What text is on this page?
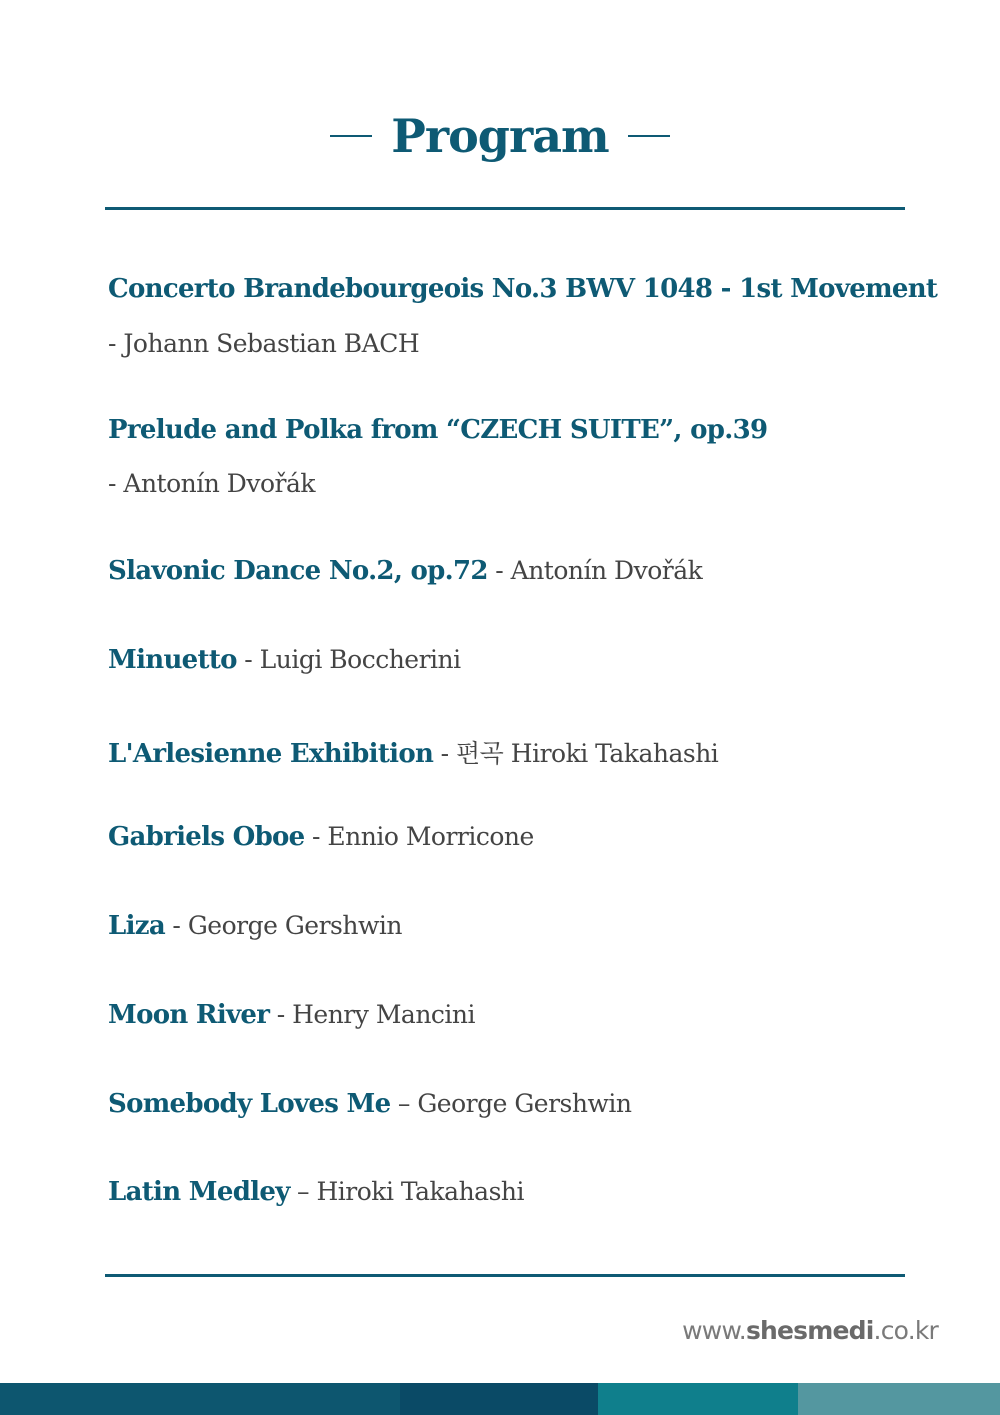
Program
Concerto Brandebourgeois No.3 BWV 1048 - 1st Movement
- Johann Sebastian BACH
Prelude and Polka from “CZECH SUITE”, op.39
- Antonín Dvořák
Slavonic Dance No.2, op.72 - Antonín Dvořák
Minuetto - Luigi Boccherini
L'Arlesienne Exhibition - 편곡 Hiroki Takahashi
Gabriels Oboe - Ennio Morricone
Liza - George Gershwin
Moon River - Henry Mancini
Somebody Loves Me – George Gershwin
Latin Medley – Hiroki Takahashi
www.shesmedi.co.kr
